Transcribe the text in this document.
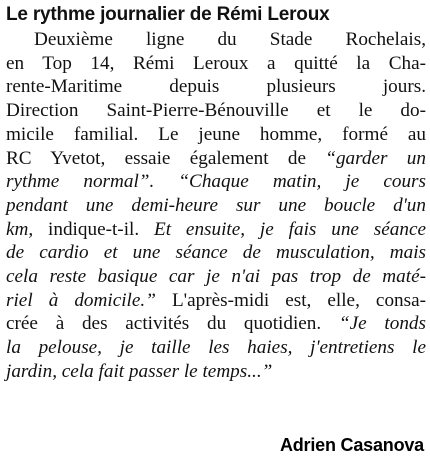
Le rythme journalier de Rémi Leroux
Deuxième ligne du Stade Rochelais,
en Top 14, Rémi Leroux a quitté la Cha-
rente-Maritime depuis plusieurs jours.
Direction Saint-Pierre-Bénouville et le do-
micile familial. Le jeune homme, formé au
RC Yvetot, essaie également de “garder un
rythme normal”. “Chaque matin, je cours
pendant une demi-heure sur une boucle d'un
km, indique-t-il. Et ensuite, je fais une séance
de cardio et une séance de musculation, mais
cela reste basique car je n'ai pas trop de maté-
riel à domicile.” L'après-midi est, elle, consa-
crée à des activités du quotidien. “Je tonds
la pelouse, je taille les haies, j'entretiens le
jardin, cela fait passer le temps...”
Adrien Casanova
